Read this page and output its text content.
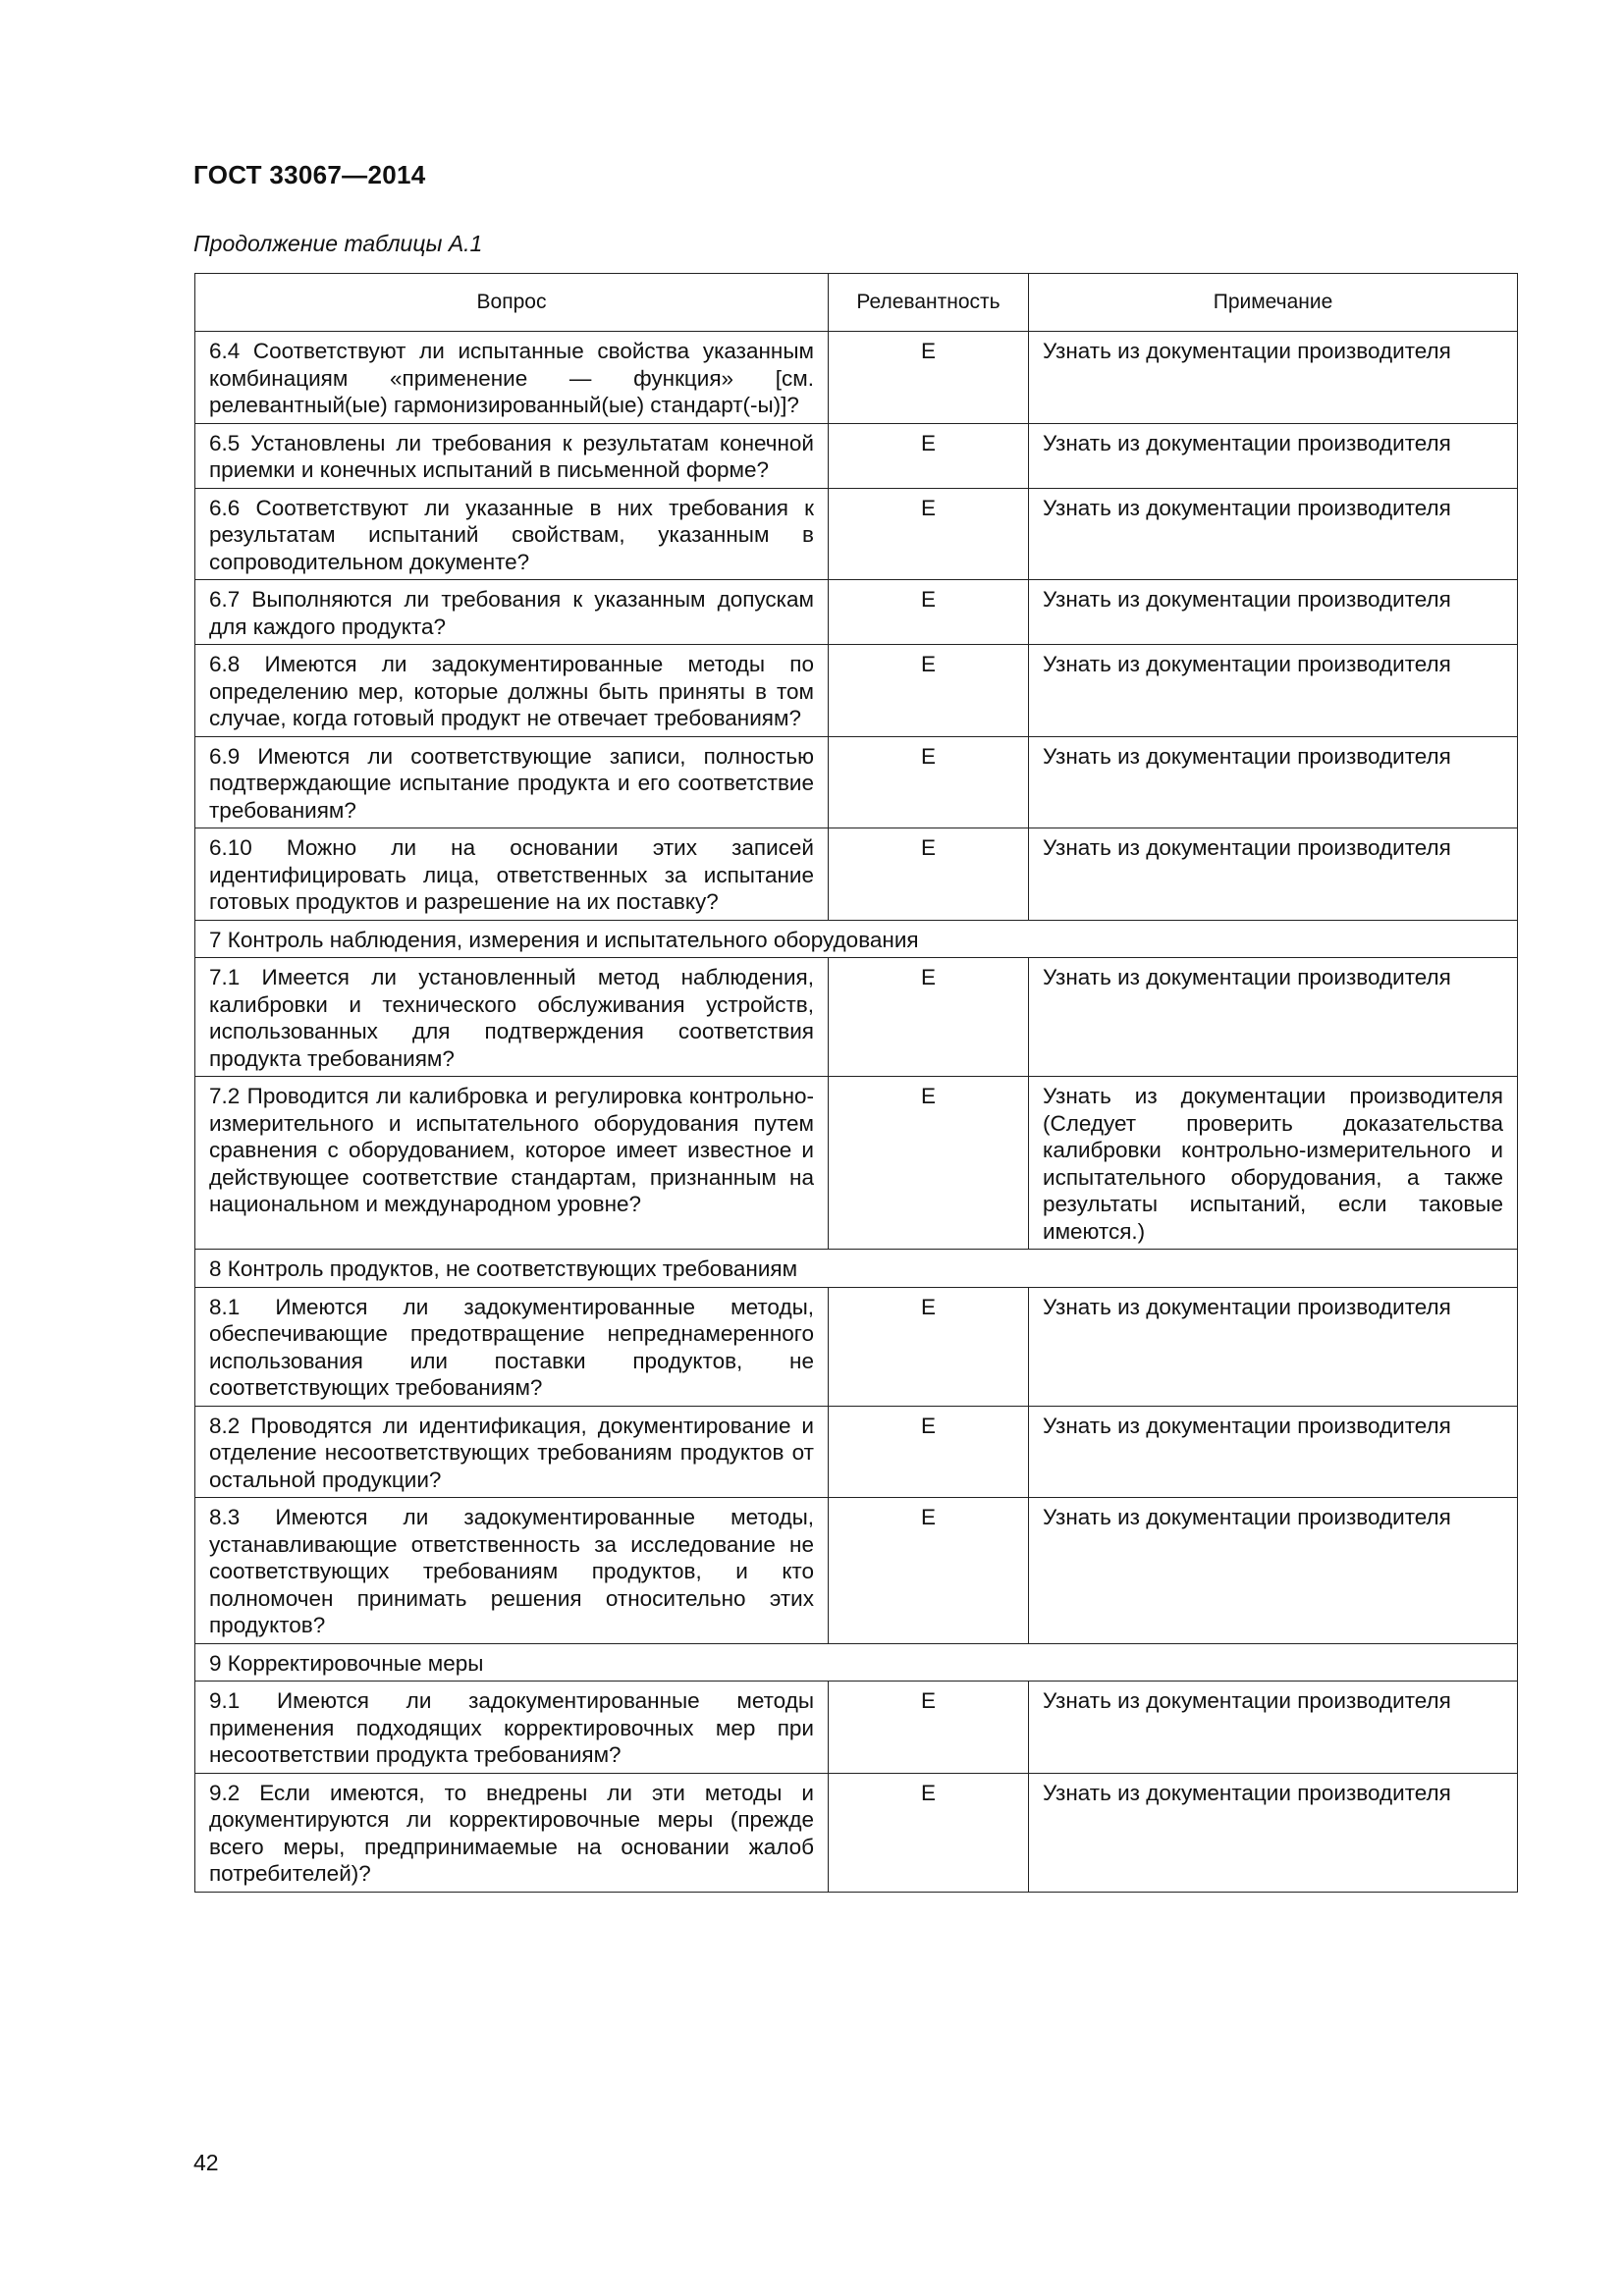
ГОСТ 33067—2014
Продолжение таблицы А.1
Вопрос	Релевантность	Примечание
6.4 Соответствуют ли испытанные свойства указанным комбинациям «применение — функция» [см. релевантный(ые) гармонизированный(ые) стандарт(-ы)]?	E	Узнать из документации производителя
6.5 Установлены ли требования к результатам конечной приемки и конечных испытаний в письменной форме?	E	Узнать из документации производителя
6.6 Соответствуют ли указанные в них требования к результатам испытаний свойствам, указанным в сопроводительном документе?	E	Узнать из документации производителя
6.7 Выполняются ли требования к указанным допускам для каждого продукта?	E	Узнать из документации производителя
6.8 Имеются ли задокументированные методы по определению мер, которые должны быть приняты в том случае, когда готовый продукт не отвечает требованиям?	E	Узнать из документации производителя
6.9 Имеются ли соответствующие записи, полностью подтверждающие испытание продукта и его соответствие требованиям?	E	Узнать из документации производителя
6.10 Можно ли на основании этих записей идентифицировать лица, ответственных за испытание готовых продуктов и разрешение на их поставку?	E	Узнать из документации производителя
7 Контроль наблюдения, измерения и испытательного оборудования		
7.1 Имеется ли установленный метод наблюдения, калибровки и технического обслуживания устройств, использованных для подтверждения соответствия продукта требованиям?	E	Узнать из документации производителя
7.2 Проводится ли калибровка и регулировка контрольно-измерительного и испытательного оборудования путем сравнения с оборудованием, которое имеет известное и действующее соответствие стандартам, признанным на национальном и международном уровне?	E	Узнать из документации производителя (Следует проверить доказательства калибровки контрольно-измерительного и испытательного оборудования, а также результаты испытаний, если таковые имеются.)
8 Контроль продуктов, не соответствующих требованиям		
8.1 Имеются ли задокументированные методы, обеспечивающие предотвращение непреднамеренного использования или поставки продуктов, не соответствующих требованиям?	E	Узнать из документации производителя
8.2 Проводятся ли идентификация, документирование и отделение несоответствующих требованиям продуктов от остальной продукции?	E	Узнать из документации производителя
8.3 Имеются ли задокументированные методы, устанавливающие ответственность за исследование не соответствующих требованиям продуктов, и кто полномочен принимать решения относительно этих продуктов?	E	Узнать из документации производителя
9 Корректировочные меры		
9.1 Имеются ли задокументированные методы применения подходящих корректировочных мер при несоответствии продукта требованиям?	E	Узнать из документации производителя
9.2 Если имеются, то внедрены ли эти методы и документируются ли корректировочные меры (прежде всего меры, предпринимаемые на основании жалоб потребителей)?	E	Узнать из документации производителя
42
